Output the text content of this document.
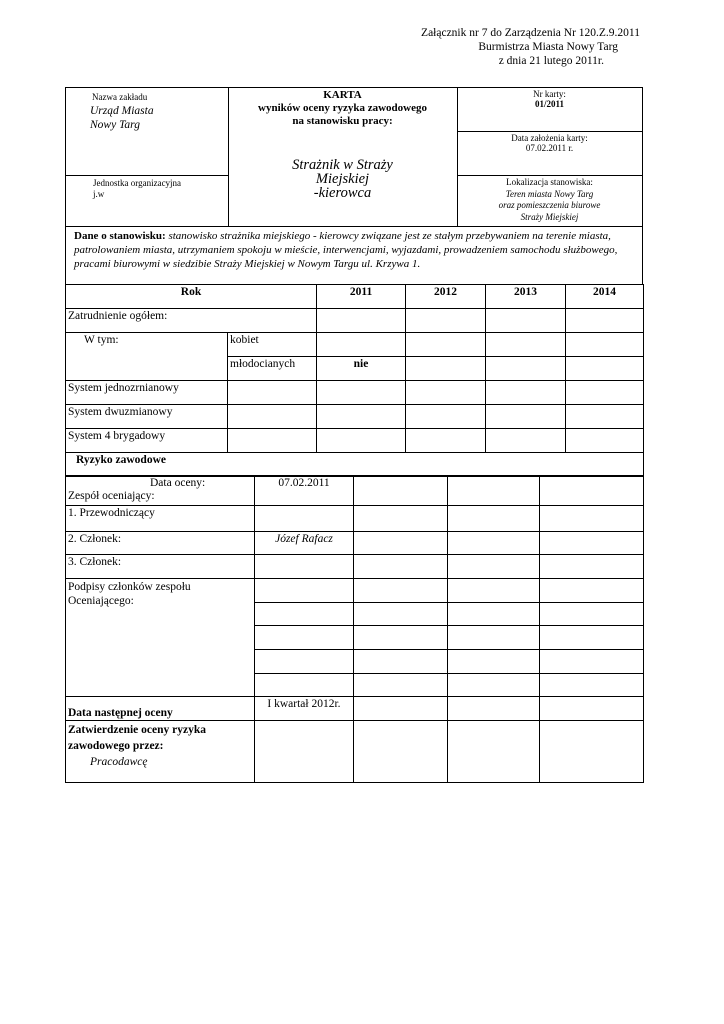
Załącznik nr 7 do Zarządzenia Nr 120.Z.9.2011
Burmistrza Miasta Nowy Targ
z dnia 21 lutego 2011r.
Nazwa zakładu
Urząd Miasta
Nowy Targ
KARTA
wyników oceny ryzyka zawodowego
na stanowisku pracy:
Strażnik w Straży
Miejskiej
-kierowca
Nr karty:
01/2011
Data założenia karty:
07.02.2011 r.
Jednostka organizacyjna
j.w
Lokalizacja stanowiska:
Teren miasta Nowy Targ
oraz pomieszczenia biurowe
Straży Miejskiej
Dane o stanowisku: stanowisko strażnika miejskiego - kierowcy związane jest ze stałym przebywaniem na terenie miasta, patrolowaniem miasta, utrzymaniem spokoju w mieście, interwencjami, wyjazdami, prowadzeniem samochodu służbowego, pracami biurowymi w siedzibie Straży Miejskiej w Nowym Targu ul. Krzywa 1.
Rok		2011	2012	2013	2014
Zatrudnienie ogółem:					
W tym:	kobiet				
	młodocianych	nie			
System jednozrnianowy					
System dwuzmianowy					
System 4 brygadowy					
Ryzyko zawodowe					
Data oceny:
Zespół oceniający:	07.02.2011			
1. Przewodniczący				
2. Członek:	Józef Rafacz			
3. Członek:				

Podpisy członków zespołu
Oceniającego:				

Data następnej oceny	I kwartał 2012r.			

Zatwierdzenie oceny ryzyka
zawodowego przez:
Pracodawcę				
